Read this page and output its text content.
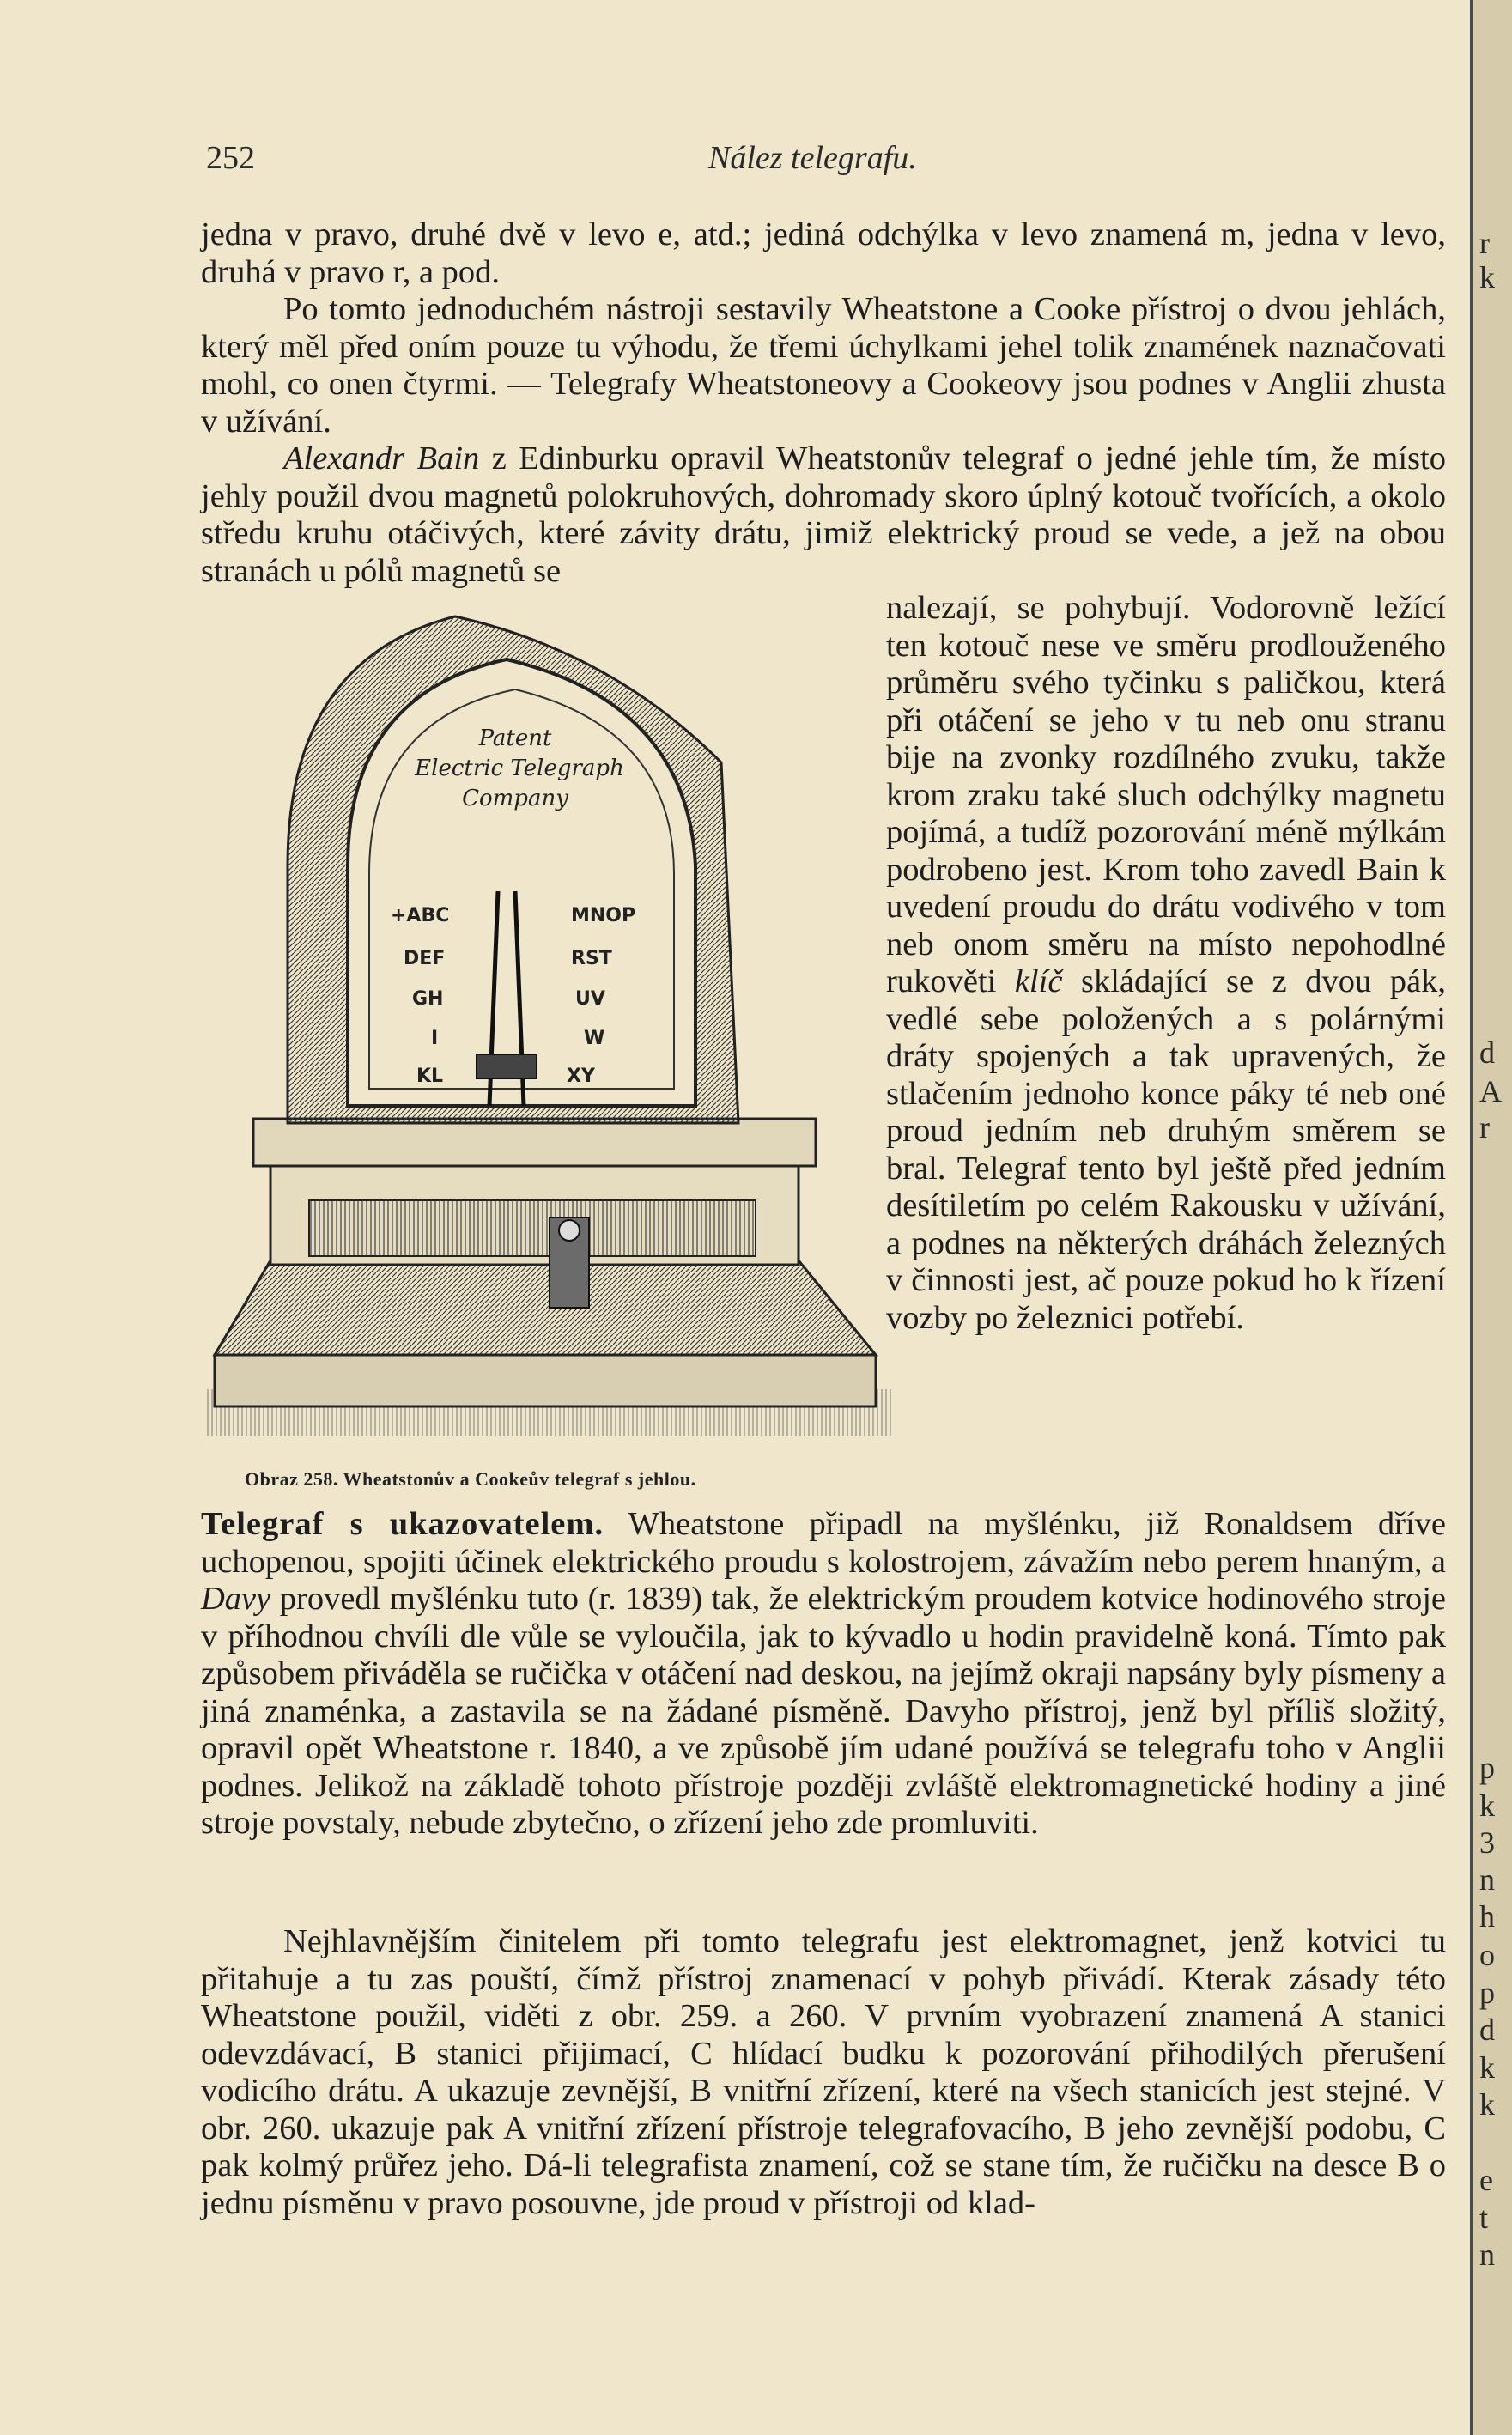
252	Nález telegrafu.

jedna v pravo, druhé dvě v levo e, atd.; jediná odchýlka v levo znamená m, jedna v levo, druhá v pravo r, a pod.

Po tomto jednoduchém nástroji sestavily Wheatstone a Cooke přístroj o dvou jehlách, který měl před oním pouze tu výhodu, že třemi úchylkami jehel tolik znamének naznačovati mohl, co onen čtyrmi. — Telegrafy Wheatstoneovy a Cookeovy jsou podnes v Anglii zhusta v užívání.

Alexandr Bain z Edinburku opravil Wheatstonův telegraf o jedné jehle tím, že místo jehly použil dvou magnetů polokruhových, dohromady skoro úplný kotouč tvořících, a okolo středu kruhu otáčivých, které závity drátu, jimiž elektrický proud se vede, a jež na obou stranách u pólů magnetů se

nalezají, se pohybují. Vodorovně ležící ten kotouč nese ve směru prodlouženého průměru svého tyčinku s paličkou, která při otáčení se jeho v tu neb onu stranu bije na zvonky rozdílného zvuku, takže krom zraku také sluch odchýlky magnetu pojímá, a tudíž pozorování méně mýlkám podrobeno jest. Krom toho zavedl Bain k uvedení proudu do drátu vodivého v tom neb onom směru na místo nepohodlné rukověti klíč skládající se z dvou pák, vedlé sebe položených a s polárnými dráty spojených a tak upravených, že stlačením jednoho konce páky té neb oné proud jedním neb druhým směrem se bral. Telegraf tento byl ještě před jedním desítiletím po celém Rakousku v užívání, a podnes na některých dráhách železných v činnosti jest, ač pouze pokud ho k řízení vozby po železnici potřebí.

Patent
Electric Telegraph
Company
+ABC	MNOP
DEF	RST
GH	UV
I	W
KL	XY
Obraz 258. Wheatstonův a Cookeův telegraf s jehlou.

Telegraf s ukazovatelem. Wheatstone připadl na myšlénku, již Ronaldsem dříve uchopenou, spojiti účinek elektrického proudu s kolostrojem, závažím nebo perem hnaným, a Davy provedl myšlénku tuto (r. 1839) tak, že elektrickým proudem kotvice hodinového stroje v příhodnou chvíli dle vůle se vyloučila, jak to kývadlo u hodin pravidelně koná. Tímto pak způsobem přiváděla se ručička v otáčení nad deskou, na jejímž okraji napsány byly písmeny a jiná znaménka, a zastavila se na žádané písměně. Davyho přístroj, jenž byl příliš složitý, opravil opět Wheatstone r. 1840, a ve způsobě jím udané používá se telegrafu toho v Anglii podnes. Jelikož na základě tohoto přístroje později zvláště elektromagnetické hodiny a jiné stroje povstaly, nebude zbytečno, o zřízení jeho zde promluviti.

Nejhlavnějším činitelem při tomto telegrafu jest elektromagnet, jenž kotvici tu přitahuje a tu zas pouští, čímž přístroj znamenací v pohyb přivádí. Kterak zásady této Wheatstone použil, viděti z obr. 259. a 260. V prvním vyobrazení znamená A stanici odevzdávací, B stanici přijimací, C hlídací budku k pozorování přihodilých přerušení vodicího drátu. A ukazuje zevnější, B vnitřní zřízení, které na všech stanicích jest stejné. V obr. 260. ukazuje pak A vnitřní zřízení přístroje telegrafovacího, B jeho zevnější podobu, C pak kolmý průřez jeho. Dá-li telegrafista znamení, což se stane tím, že ručičku na desce B o jednu písměnu v pravo posouvne, jde proud v přístroji od klad-

r
k
d
A
r
p
k
3
n
h
o
p
d
k
k
e
t
n
